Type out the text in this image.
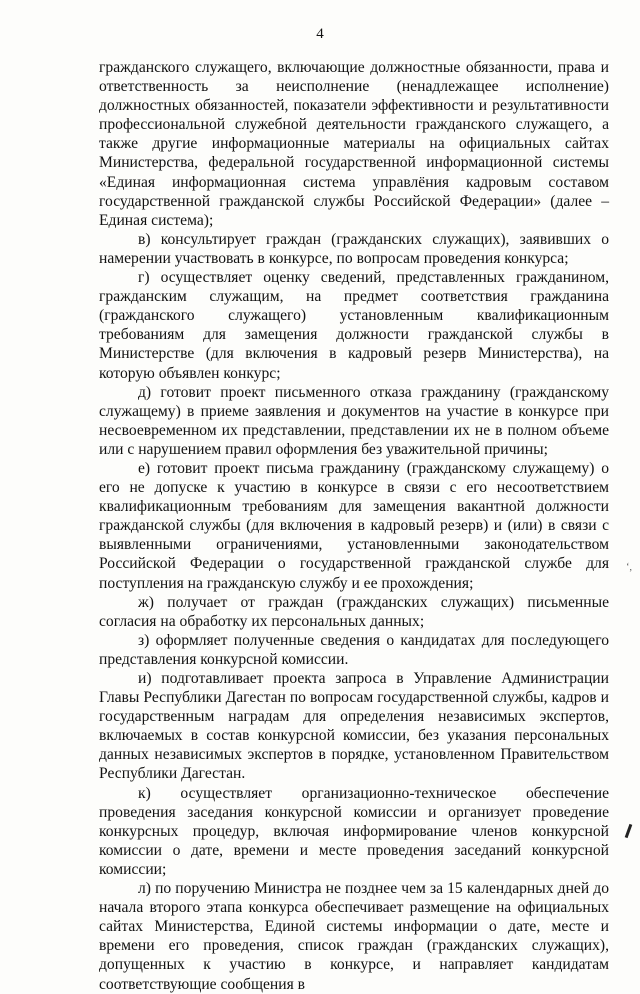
4

гражданского служащего, включающие должностные обязанности, права и ответственность за неисполнение (ненадлежащее исполнение) должностных обязанностей, показатели эффективности и результативности профессиональной служебной деятельности гражданского служащего, а также другие информационные материалы на официальных сайтах Министерства, федеральной государственной информационной системы «Единая информационная система управлёния кадровым составом государственной гражданской службы Российской Федерации» (далее – Единая система);

в) консультирует граждан (гражданских служащих), заявивших о намерении участвовать в конкурсе, по вопросам проведения конкурса;

г) осуществляет оценку сведений, представленных гражданином, гражданским служащим, на предмет соответствия гражданина (гражданского служащего) установленным квалификационным требованиям для замещения должности гражданской службы в Министерстве (для включения в кадровый резерв Министерства), на которую объявлен конкурс;

д) готовит проект письменного отказа гражданину (гражданскому служащему) в приеме заявления и документов на участие в конкурсе при несвоевременном их представлении, представлении их не в полном объеме или с нарушением правил оформления без уважительной причины;

е) готовит проект письма гражданину (гражданскому служащему) о его не допуске к участию в конкурсе в связи с его несоответствием квалификационным требованиям для замещения вакантной должности гражданской службы (для включения в кадровый резерв) и (или) в связи с выявленными ограничениями, установленными законодательством Российской Федерации о государственной гражданской службе для поступления на гражданскую службу и ее прохождения;

ж) получает от граждан (гражданских служащих) письменные согласия на обработку их персональных данных;

з) оформляет полученные сведения о кандидатах для последующего представления конкурсной комиссии.

и) подготавливает проекта запроса в Управление Администрации Главы Республики Дагестан по вопросам государственной службы, кадров и государственным наградам для определения независимых экспертов, включаемых в состав конкурсной комиссии, без указания персональных данных независимых экспертов в порядке, установленном Правительством Республики Дагестан.

к) осуществляет организационно-техническое обеспечение проведения заседания конкурсной комиссии и организует проведение конкурсных процедур, включая информирование членов конкурсной комиссии о дате, времени и месте проведения заседаний конкурсной комиссии;

л) по поручению Министра не позднее чем за 15 календарных дней до начала второго этапа конкурса обеспечивает размещение на официальных сайтах Министерства, Единой системы информации о дате, месте и времени его проведения, список граждан (гражданских служащих), допущенных к участию в конкурсе, и направляет кандидатам соответствующие сообщения в

ʻ,
